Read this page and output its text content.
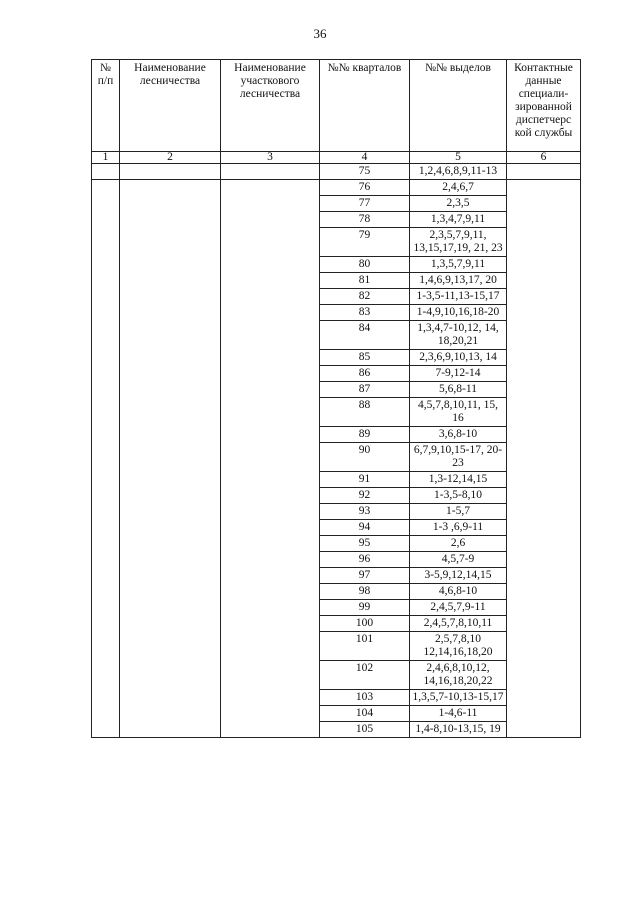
36
№ п/п	Наименование лесничества	Наименование участкового лесничества	№№ кварталов	№№ выделов	Контактные данные специали-зированной диспетчерс кой службы
1	2	3	4	5	6
			75	1,2,4,6,8,9,11-13	
			76	2,4,6,7	
			77	2,3,5	
			78	1,3,4,7,9,11	
			79	2,3,5,7,9,11, 13,15,17,19, 21, 23	
			80	1,3,5,7,9,11	
			81	1,4,6,9,13,17, 20	
			82	1-3,5-11,13-15,17	
			83	1-4,9,10,16,18-20	
			84	1,3,4,7-10,12, 14, 18,20,21	
			85	2,3,6,9,10,13, 14	
			86	7-9,12-14	
			87	5,6,8-11	
			88	4,5,7,8,10,11, 15, 16	
			89	3,6,8-10	
			90	6,7,9,10,15-17, 20-23	
			91	1,3-12,14,15	
			92	1-3,5-8,10	
			93	1-5,7	
			94	1-3 ,6,9-11	
			95	2,6	
			96	4,5,7-9	
			97	3-5,9,12,14,15	
			98	4,6,8-10	
			99	2,4,5,7,9-11	
			100	2,4,5,7,8,10,11	
			101	2,5,7,8,10 12,14,16,18,20	
			102	2,4,6,8,10,12, 14,16,18,20,22	
			103	1,3,5,7-10,13-15,17	
			104	1-4,6-11	
			105	1,4-8,10-13,15, 19	
